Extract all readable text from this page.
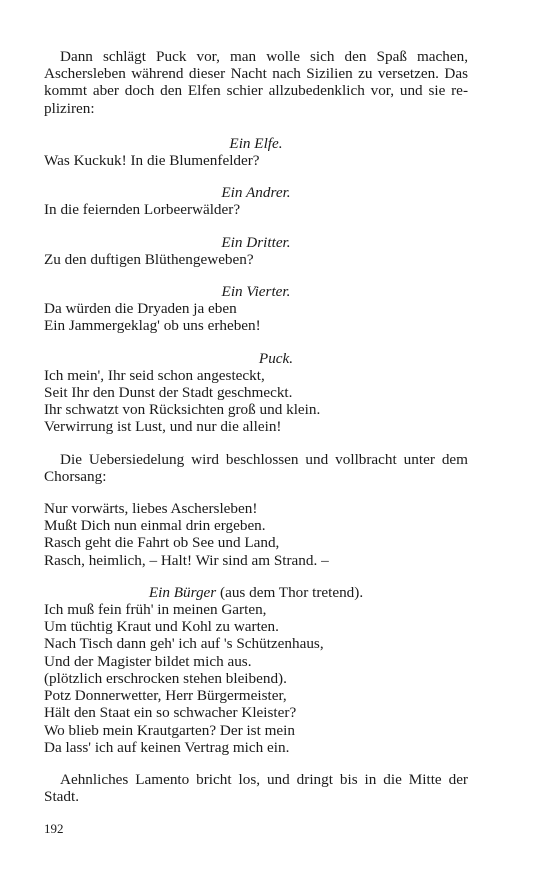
Dann schlägt Puck vor, man wolle sich den Spaß machen, Aschersleben während dieser Nacht nach Sizilien zu versetzen. Das kommt aber doch den Elfen schier allzubedenklich vor, und sie repliziren:

Ein Elfe.
Was Kuckuk! In die Blumenfelder?
Ein Andrer.
In die feiernden Lorbeerwälder?
Ein Dritter.
Zu den duftigen Blüthengeweben?
Ein Vierter.
Da würden die Dryaden ja eben
Ein Jammergeklag' ob uns erheben!
Puck.
Ich mein', Ihr seid schon angesteckt,
Seit Ihr den Dunst der Stadt geschmeckt.
Ihr schwatzt von Rücksichten groß und klein.
Verwirrung ist Lust, und nur die allein!

Die Uebersiedelung wird beschlossen und vollbracht unter dem Chorsang:

Nur vorwärts, liebes Aschersleben!
Mußt Dich nun einmal drin ergeben.
Rasch geht die Fahrt ob See und Land,
Rasch, heimlich, – Halt! Wir sind am Strand. –
Ein Bürger (aus dem Thor tretend).
Ich muß fein früh' in meinen Garten,
Um tüchtig Kraut und Kohl zu warten.
Nach Tisch dann geh' ich auf 's Schützenhaus,
Und der Magister bildet mich aus.
(plötzlich erschrocken stehen bleibend).
Potz Donnerwetter, Herr Bürgermeister,
Hält den Staat ein so schwacher Kleister?
Wo blieb mein Krautgarten? Der ist mein
Da lass' ich auf keinen Vertrag mich ein.

Aehnliches Lamento bricht los, und dringt bis in die Mitte der Stadt.

192
